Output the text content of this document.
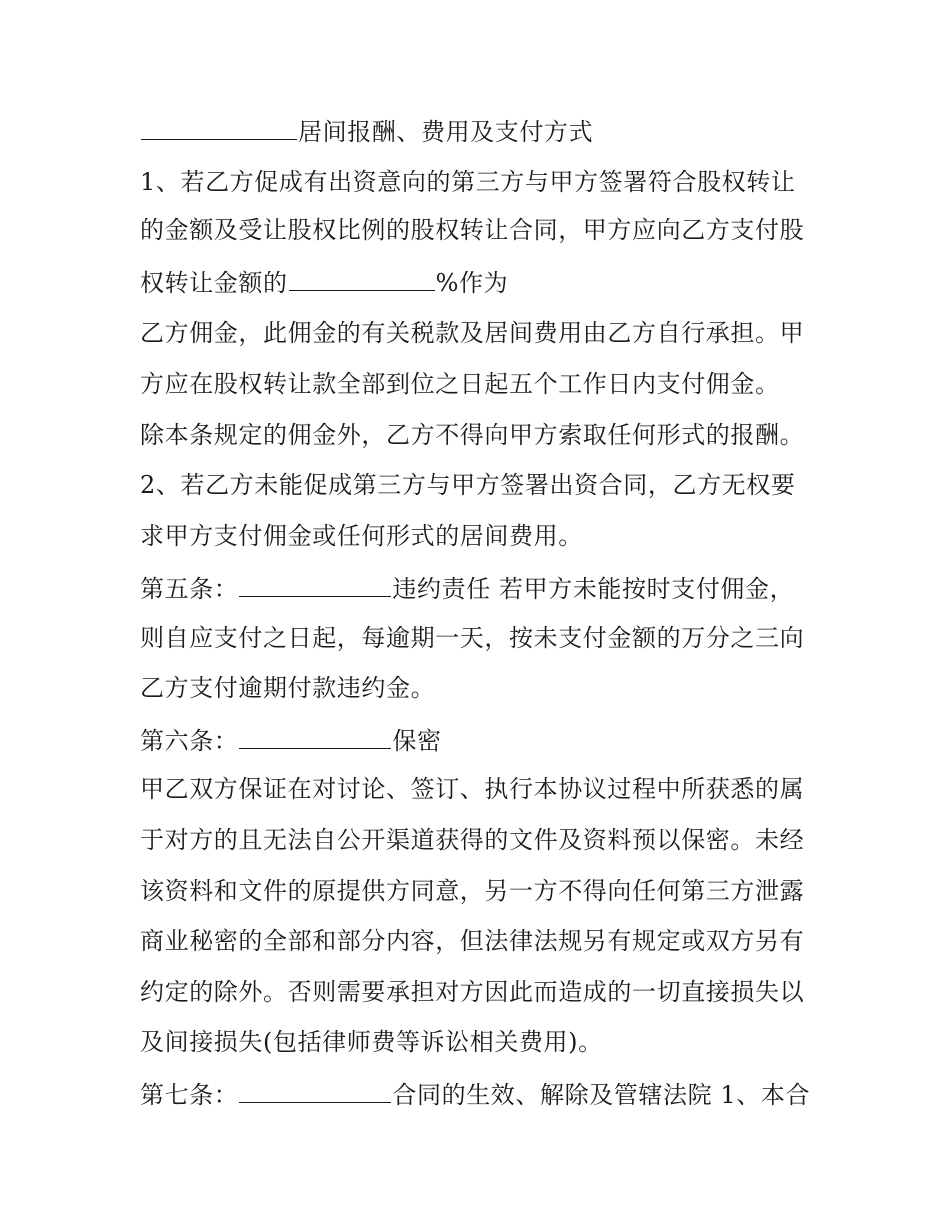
居间报酬、费用及支付方式
1、若乙方促成有出资意向的第三方与甲方签署符合股权转让
的金额及受让股权比例的股权转让合同，甲方应向乙方支付股
权转让金额的	%作为
乙方佣金，此佣金的有关税款及居间费用由乙方自行承担。甲
方应在股权转让款全部到位之日起五个工作日内支付佣金。
除本条规定的佣金外，乙方不得向甲方索取任何形式的报酬。
2、若乙方未能促成第三方与甲方签署出资合同，乙方无权要
求甲方支付佣金或任何形式的居间费用。
第五条：	违约责任 若甲方未能按时支付佣金，
则自应支付之日起，每逾期一天，按未支付金额的万分之三向
乙方支付逾期付款违约金。
第六条：	保密
甲乙双方保证在对讨论、签订、执行本协议过程中所获悉的属
于对方的且无法自公开渠道获得的文件及资料预以保密。未经
该资料和文件的原提供方同意，另一方不得向任何第三方泄露
商业秘密的全部和部分内容，但法律法规另有规定或双方另有
约定的除外。否则需要承担对方因此而造成的一切直接损失以
及间接损失(包括律师费等诉讼相关费用)。
第七条：	合同的生效、解除及管辖法院 1、本合
